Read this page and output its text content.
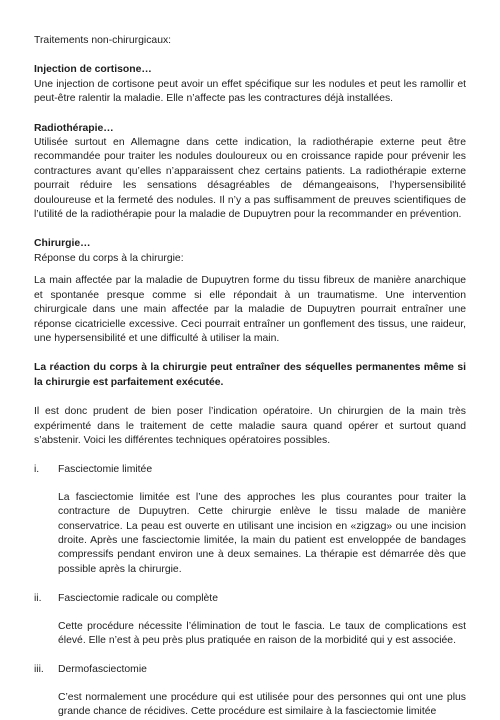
Traitements non-chirurgicaux:

Injection de cortisone…

Une injection de cortisone peut avoir un effet spécifique sur les nodules et peut les ramollir et peut-être ralentir la maladie. Elle n’affecte pas les contractures déjà installées.

Radiothérapie…

Utilisée surtout en Allemagne dans cette indication, la radiothérapie externe peut être recommandée pour traiter les nodules douloureux ou en croissance rapide pour prévenir les contractures avant qu’elles n’apparaissent chez certains patients. La radiothérapie externe pourrait réduire les sensations désagréables de démangeaisons, l’hypersensibilité douloureuse et la fermeté des nodules. Il n’y a pas suffisamment de preuves scientifiques de l’utilité de la radiothérapie pour la maladie de Dupuytren pour la recommander en prévention.

Chirurgie…

Réponse du corps à la chirurgie:

La main affectée par la maladie de Dupuytren forme du tissu fibreux de manière anarchique et spontanée presque comme si elle répondait à un traumatisme. Une intervention chirurgicale dans une main affectée par la maladie de Dupuytren pourrait entraîner une réponse cicatricielle excessive. Ceci pourrait entraîner un gonflement des tissus, une raideur, une hypersensibilité et une difficulté à utiliser la main.

La réaction du corps à la chirurgie peut entraîner des séquelles permanentes même si la chirurgie est parfaitement exécutée.

Il est donc prudent de bien poser l’indication opératoire. Un chirurgien de la main très expérimenté dans le traitement de cette maladie saura quand opérer et surtout quand s’abstenir. Voici les différentes techniques opératoires possibles.

i.	Fasciectomie limitée

La fasciectomie limitée est l’une des approches les plus courantes pour traiter la contracture de Dupuytren. Cette chirurgie enlève le tissu malade de manière conservatrice. La peau est ouverte en utilisant une incision en «zigzag» ou une incision droite. Après une fasciectomie limitée, la main du patient est enveloppée de bandages compressifs pendant environ une à deux semaines. La thérapie est démarrée dès que possible après la chirurgie.

ii.	Fasciectomie radicale ou complète

Cette procédure nécessite l’élimination de tout le fascia. Le taux de complications est élevé. Elle n’est à peu près plus pratiquée en raison de la morbidité qui y est associée.

iii.	Dermofasciectomie

C’est normalement une procédure qui est utilisée pour des personnes qui ont une plus grande chance de récidives. Cette procédure est similaire à la fasciectomie limitée
